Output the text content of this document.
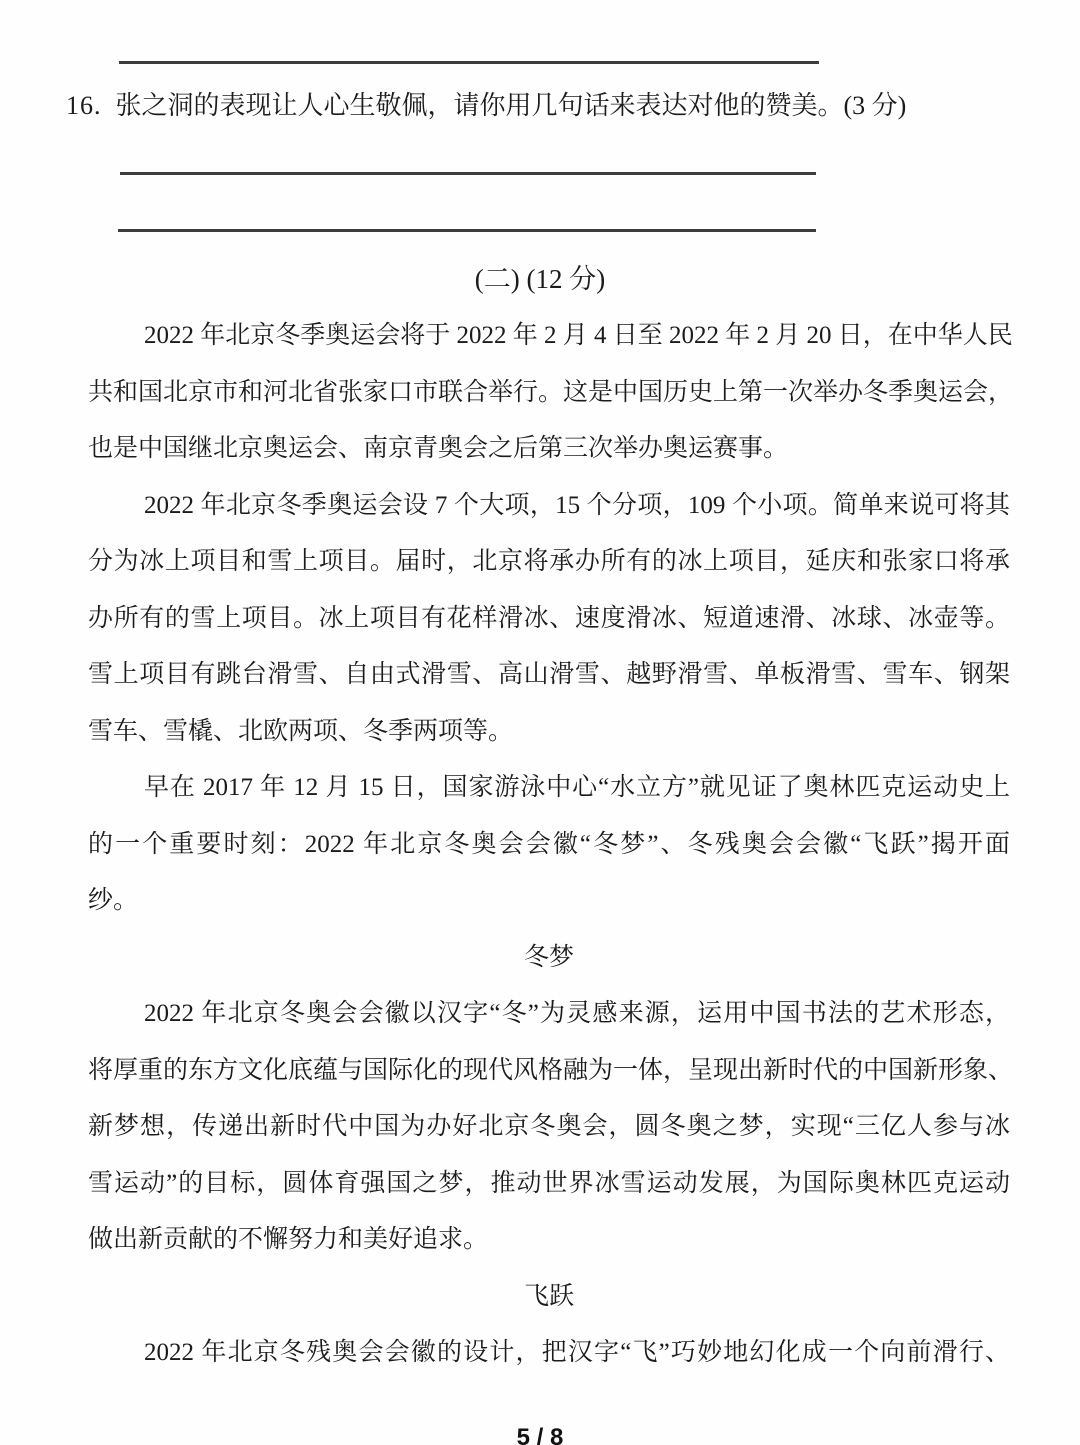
16. 张之洞的表现让人心生敬佩，请你用几句话来表达对他的赞美。(3 分)
(二) (12 分)
2022 年北京冬季奥运会将于 2022 年 2 月 4 日至 2022 年 2 月 20 日，在中华人民
共和国北京市和河北省张家口市联合举行。这是中国历史上第一次举办冬季奥运会，
也是中国继北京奥运会、南京青奥会之后第三次举办奥运赛事。
2022 年北京冬季奥运会设 7 个大项，15 个分项，109 个小项。简单来说可将其
分为冰上项目和雪上项目。届时，北京将承办所有的冰上项目，延庆和张家口将承
办所有的雪上项目。冰上项目有花样滑冰、速度滑冰、短道速滑、冰球、冰壶等。
雪上项目有跳台滑雪、自由式滑雪、高山滑雪、越野滑雪、单板滑雪、雪车、钢架
雪车、雪橇、北欧两项、冬季两项等。
早在 2017 年 12 月 15 日，国家游泳中心“水立方”就见证了奥林匹克运动史上
的一个重要时刻：2022 年北京冬奥会会徽“冬梦”、冬残奥会会徽“飞跃”揭开面
纱。
冬梦
2022 年北京冬奥会会徽以汉字“冬”为灵感来源，运用中国书法的艺术形态，
将厚重的东方文化底蕴与国际化的现代风格融为一体，呈现出新时代的中国新形象、
新梦想，传递出新时代中国为办好北京冬奥会，圆冬奥之梦，实现“三亿人参与冰
雪运动”的目标，圆体育强国之梦，推动世界冰雪运动发展，为国际奥林匹克运动
做出新贡献的不懈努力和美好追求。
飞跃
2022 年北京冬残奥会会徽的设计，把汉字“飞”巧妙地幻化成一个向前滑行、
5 / 8
